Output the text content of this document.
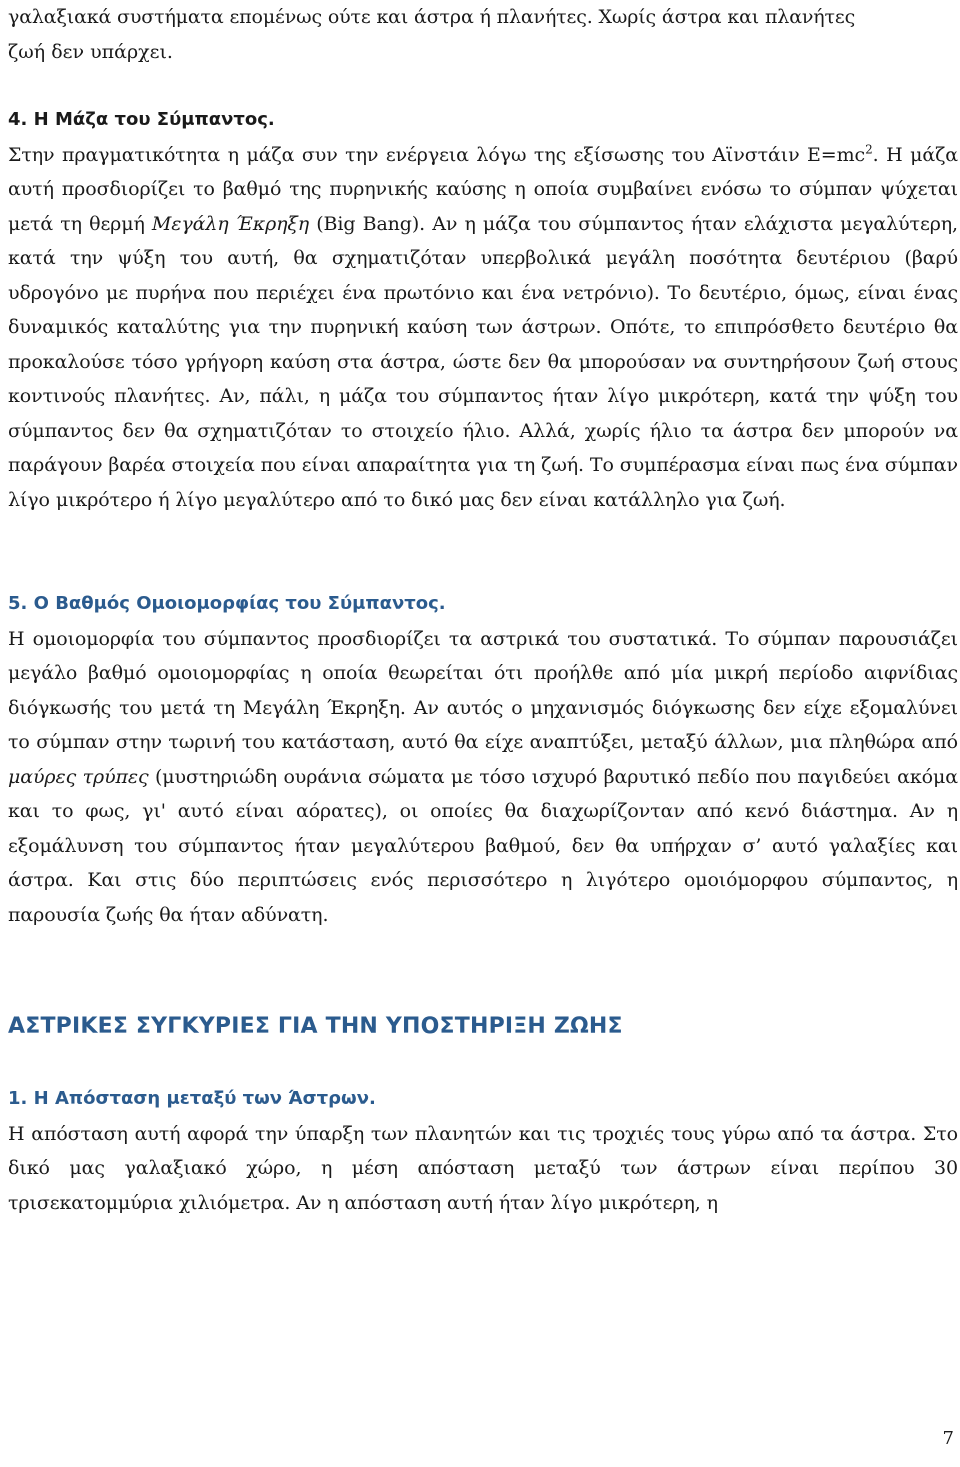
γαλαξιακά συστήματα επομένως ούτε και άστρα ή πλανήτες. Χωρίς άστρα και πλανήτες

ζωή δεν υπάρχει.

4. Η Μάζα του Σύμπαντος.

Στην πραγματικότητα η μάζα συν την ενέργεια λόγω της εξίσωσης του Αϊνστάιν $E=mc^2$. Η μάζα αυτή προσδιορίζει το βαθμό της πυρηνικής καύσης η οποία συμβαίνει ενόσω το σύμπαν ψύχεται μετά τη θερμή Μεγάλη Έκρηξη (Big Bang). Αν η μάζα του σύμπαντος ήταν ελάχιστα μεγαλύτερη, κατά την ψύξη του αυτή, θα σχηματιζόταν υπερβολικά μεγάλη ποσότητα δευτέριου (βαρύ υδρογόνο με πυρήνα που περιέχει ένα πρωτόνιο και ένα νετρόνιο). Το δευτέριο, όμως, είναι ένας δυναμικός καταλύτης για την πυρηνική καύση των άστρων. Οπότε, το επιπρόσθετο δευτέριο θα προκαλούσε τόσο γρήγορη καύση στα άστρα, ώστε δεν θα μπορούσαν να συντηρήσουν ζωή στους κοντινούς πλανήτες. Αν, πάλι, η μάζα του σύμπαντος ήταν λίγο μικρότερη, κατά την ψύξη του σύμπαντος δεν θα σχηματιζόταν το στοιχείο ήλιο. Αλλά, χωρίς ήλιο τα άστρα δεν μπορούν να παράγουν βαρέα στοιχεία που είναι απαραίτητα για τη ζωή. Το συμπέρασμα είναι πως ένα σύμπαν λίγο μικρότερο ή λίγο μεγαλύτερο από το δικό μας δεν είναι κατάλληλο για ζωή.

5. Ο Βαθμός Ομοιομορφίας του Σύμπαντος.

Η ομοιομορφία του σύμπαντος προσδιορίζει τα αστρικά του συστατικά. Το σύμπαν παρουσιάζει μεγάλο βαθμό ομοιομορφίας η οποία θεωρείται ότι προήλθε από μία μικρή περίοδο αιφνίδιας διόγκωσής του μετά τη Μεγάλη Έκρηξη. Αν αυτός ο μηχανισμός διόγκωσης δεν είχε εξομαλύνει το σύμπαν στην τωρινή του κατάσταση, αυτό θα είχε αναπτύξει, μεταξύ άλλων, μια πληθώρα από μαύρες τρύπες (μυστηριώδη ουράνια σώματα με τόσο ισχυρό βαρυτικό πεδίο που παγιδεύει ακόμα και το φως, γι' αυτό είναι αόρατες), οι οποίες θα διαχωρίζονταν από κενό διάστημα. Αν η εξομάλυνση του σύμπαντος ήταν μεγαλύτερου βαθμού, δεν θα υπήρχαν σ’ αυτό γαλαξίες και άστρα. Και στις δύο περιπτώσεις ενός περισσότερο η λιγότερο ομοιόμορφου σύμπαντος, η παρουσία ζωής θα ήταν αδύνατη.

ΑΣΤΡΙΚΕΣ ΣΥΓΚΥΡΙΕΣ ΓΙΑ ΤΗΝ ΥΠΟΣΤΗΡΙΞΗ ΖΩΗΣ
1. Η Απόσταση μεταξύ των Άστρων.

Η απόσταση αυτή αφορά την ύπαρξη των πλανητών και τις τροχιές τους γύρω από τα άστρα. Στο δικό μας γαλαξιακό χώρο, η μέση απόσταση μεταξύ των άστρων είναι περίπου 30 τρισεκατομμύρια χιλιόμετρα. Αν η απόσταση αυτή ήταν λίγο μικρότερη, η

7
